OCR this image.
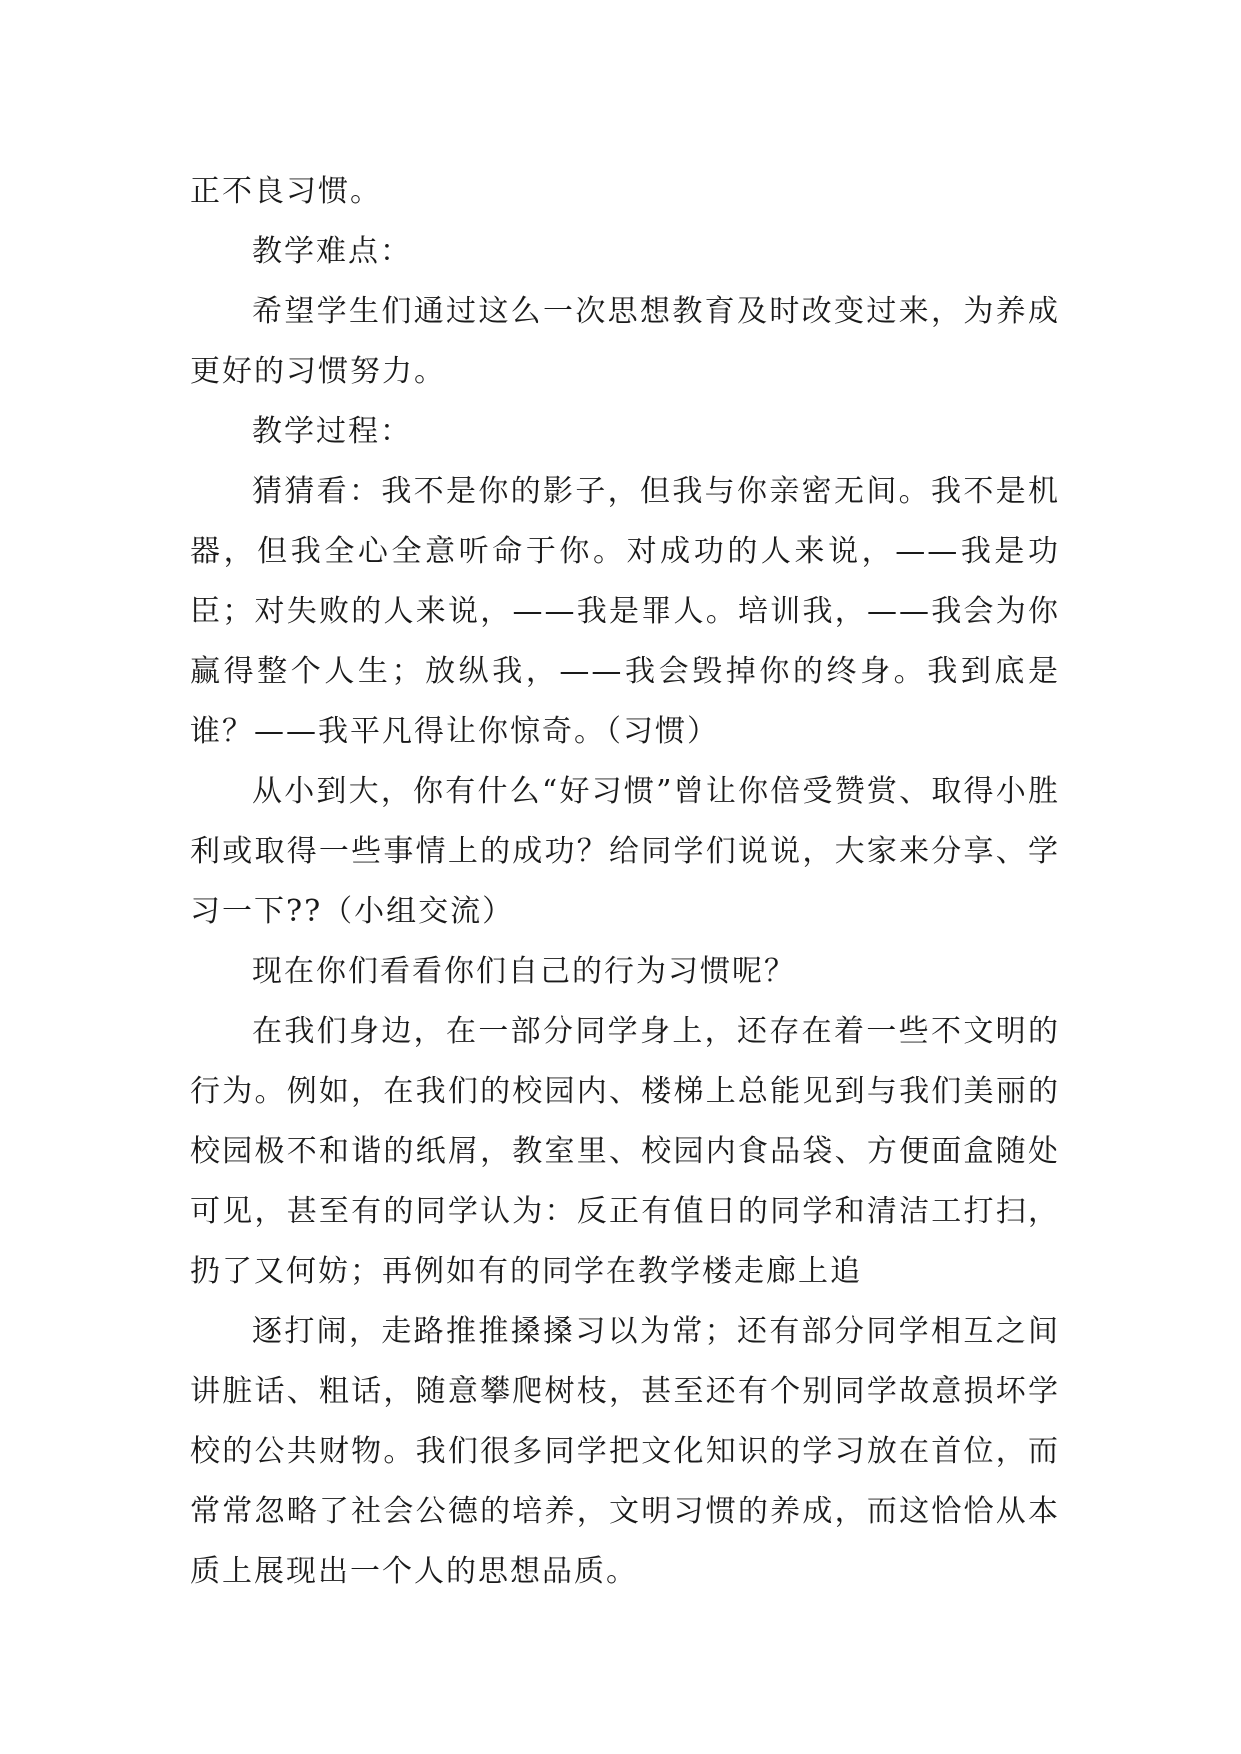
正不良习惯。

教学难点：

希望学生们通过这么一次思想教育及时改变过来，为养成更好的习惯努力。

教学过程：

猜猜看：我不是你的影子，但我与你亲密无间。我不是机器，但我全心全意听命于你。对成功的人来说，——我是功臣；对失败的人来说，——我是罪人。培训我，——我会为你赢得整个人生；放纵我，——我会毁掉你的终身。我到底是谁？——我平凡得让你惊奇。（习惯）

从小到大，你有什么“好习惯”曾让你倍受赞赏、取得小胜利或取得一些事情上的成功？给同学们说说，大家来分享、学习一下??（小组交流）

现在你们看看你们自己的行为习惯呢？

在我们身边，在一部分同学身上，还存在着一些不文明的行为。例如，在我们的校园内、楼梯上总能见到与我们美丽的校园极不和谐的纸屑，教室里、校园内食品袋、方便面盒随处可见，甚至有的同学认为：反正有值日的同学和清洁工打扫，扔了又何妨；再例如有的同学在教学楼走廊上追

逐打闹，走路推推搡搡习以为常；还有部分同学相互之间讲脏话、粗话，随意攀爬树枝，甚至还有个别同学故意损坏学校的公共财物。我们很多同学把文化知识的学习放在首位，而常常忽略了社会公德的培养，文明习惯的养成，而这恰恰从本质上展现出一个人的思想品质。
